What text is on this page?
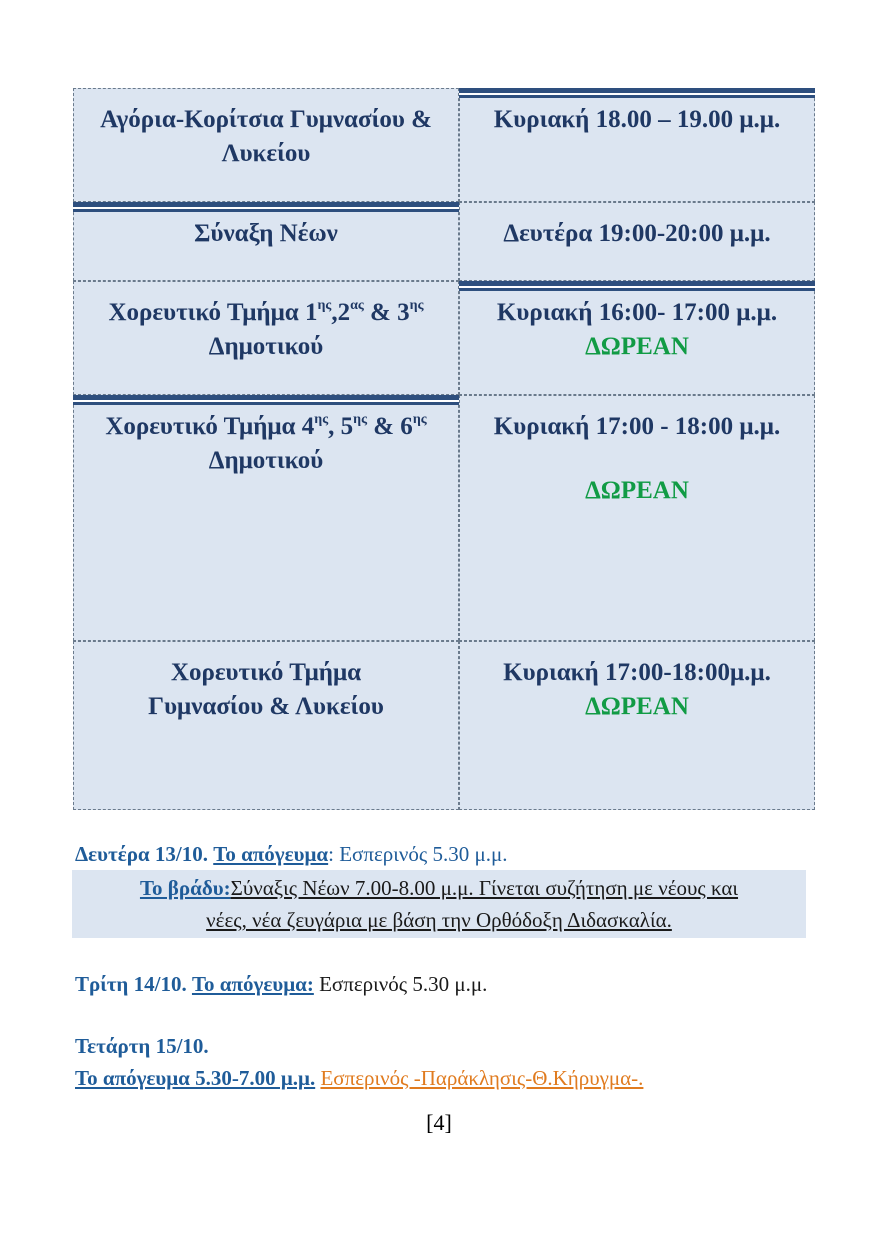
Αγόρια-Κορίτσια Γυμνασίου & Λυκείου
Κυριακή 18.00 – 19.00 μ.μ.
Σύναξη Νέων	Δευτέρα 19:00-20:00 μ.μ.
Χορευτικό Τμήμα $1^{\eta\varsigma},2^{\alpha\varsigma}$ & $3^{\eta\varsigma}$ Δημοτικού
Κυριακή 16:00- 17:00 μ.μ.
ΔΩΡΕΑΝ
Χορευτικό Τμήμα $4^{\eta\varsigma}$, $5^{\eta\varsigma}$ & $6^{\eta\varsigma}$ Δημοτικού
Κυριακή 17:00 - 18:00 μ.μ.
ΔΩΡΕΑΝ
Χορευτικό Τμήμα Γυμνασίου & Λυκείου
Κυριακή 17:00-18:00μ.μ.
ΔΩΡΕΑΝ
Δευτέρα 13/10. Το απόγευμα: Εσπερινός 5.30 μ.μ.
Το βράδυ:Σύναξις Νέων 7.00-8.00 μ.μ. Γίνεται συζήτηση με νέους και
νέες, νέα ζευγάρια με βάση την Ορθόδοξη Διδασκαλία.
Τρίτη 14/10. Το απόγευμα: Εσπερινός 5.30 μ.μ.
Τετάρτη 15/10.
Το απόγευμα 5.30-7.00 μ.μ. Εσπερινός -Παράκλησις-Θ.Κήρυγμα-.
[4]
